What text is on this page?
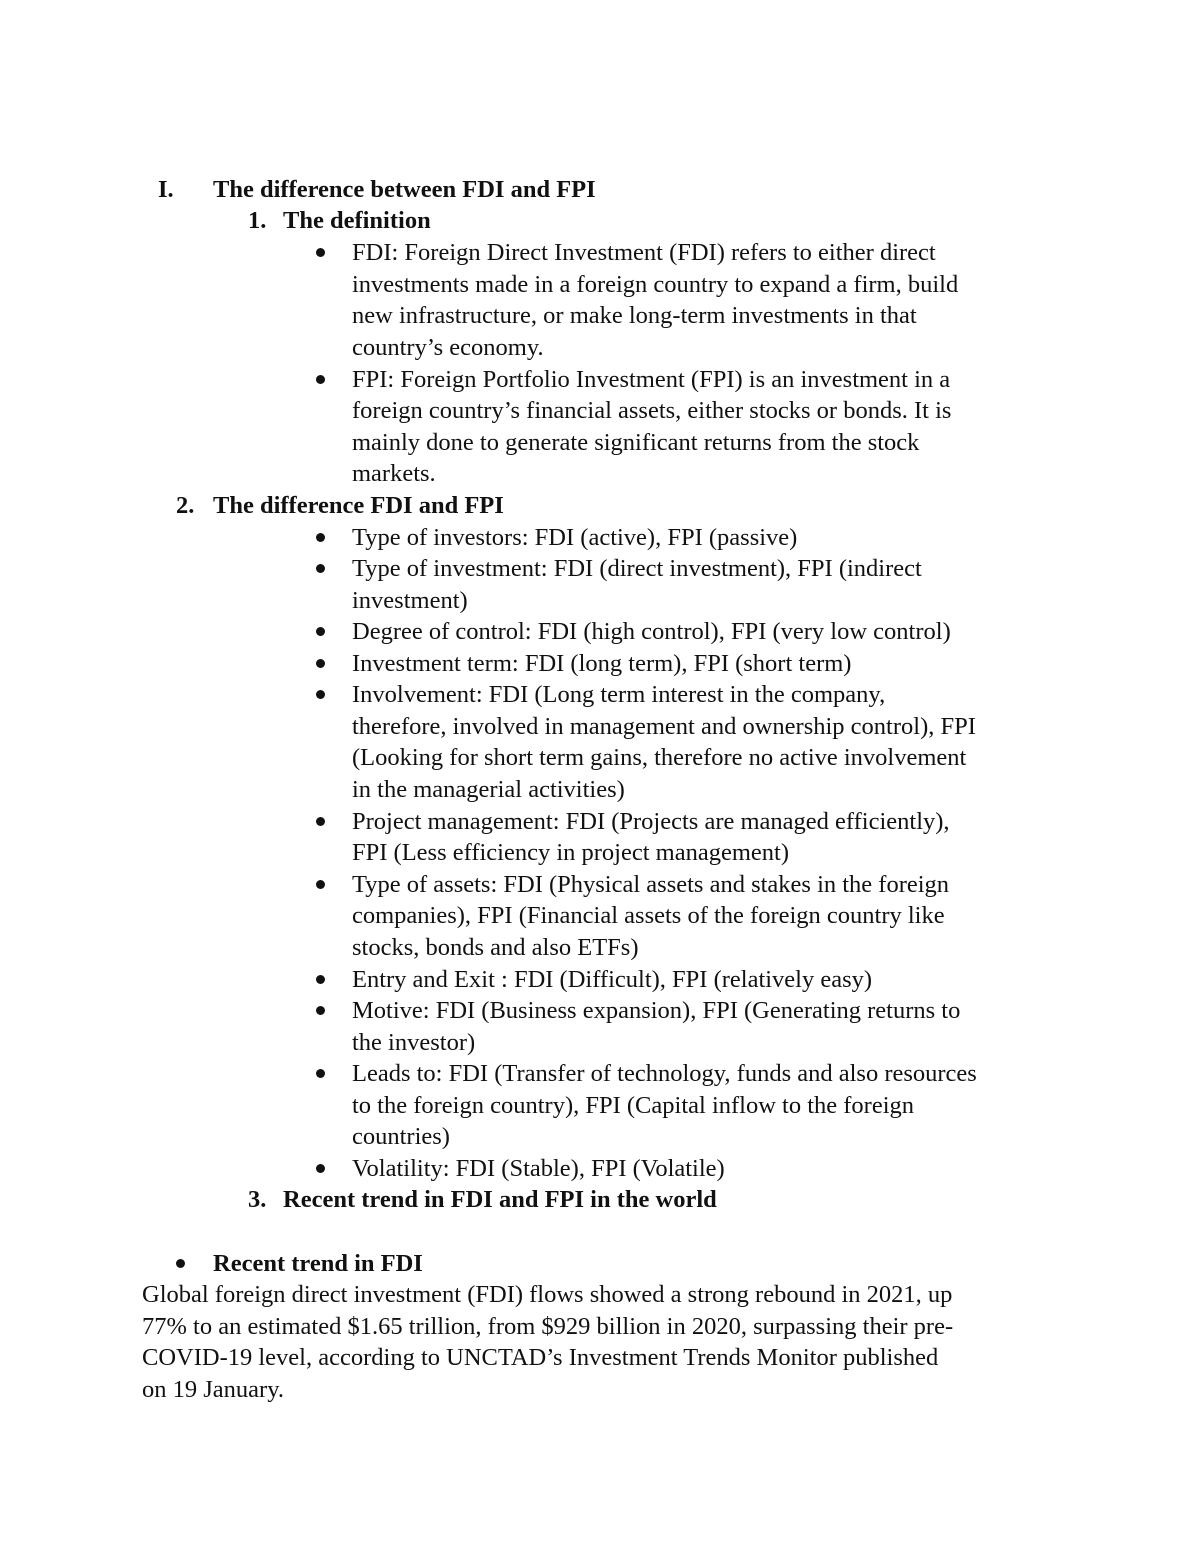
I. The difference between FDI and FPI

1. The definition

FDI: Foreign Direct Investment (FDI) refers to either direct

investments made in a foreign country to expand a firm, build

new infrastructure, or make long-term investments in that

country’s economy.

FPI: Foreign Portfolio Investment (FPI) is an investment in a

foreign country’s financial assets, either stocks or bonds. It is

mainly done to generate significant returns from the stock

markets.

2. The difference FDI and FPI

Type of investors: FDI (active), FPI (passive)

Type of investment: FDI (direct investment), FPI (indirect

investment)

Degree of control: FDI (high control), FPI (very low control)

Investment term: FDI (long term), FPI (short term)

Involvement: FDI (Long term interest in the company,

therefore, involved in management and ownership control), FPI

(Looking for short term gains, therefore no active involvement

in the managerial activities)

Project management: FDI (Projects are managed efficiently),

FPI (Less efficiency in project management)

Type of assets: FDI (Physical assets and stakes in the foreign

companies), FPI (Financial assets of the foreign country like

stocks, bonds and also ETFs)

Entry and Exit : FDI (Difficult), FPI (relatively easy)

Motive: FDI (Business expansion), FPI (Generating returns to

the investor)

Leads to: FDI (Transfer of technology, funds and also resources

to the foreign country), FPI (Capital inflow to the foreign

countries)

Volatility: FDI (Stable), FPI (Volatile)

3. Recent trend in FDI and FPI in the world

Recent trend in FDI

Global foreign direct investment (FDI) flows showed a strong rebound in 2021, up

77% to an estimated $1.65 trillion, from $929 billion in 2020, surpassing their pre-

COVID-19 level, according to UNCTAD’s Investment Trends Monitor published

on 19 January.
